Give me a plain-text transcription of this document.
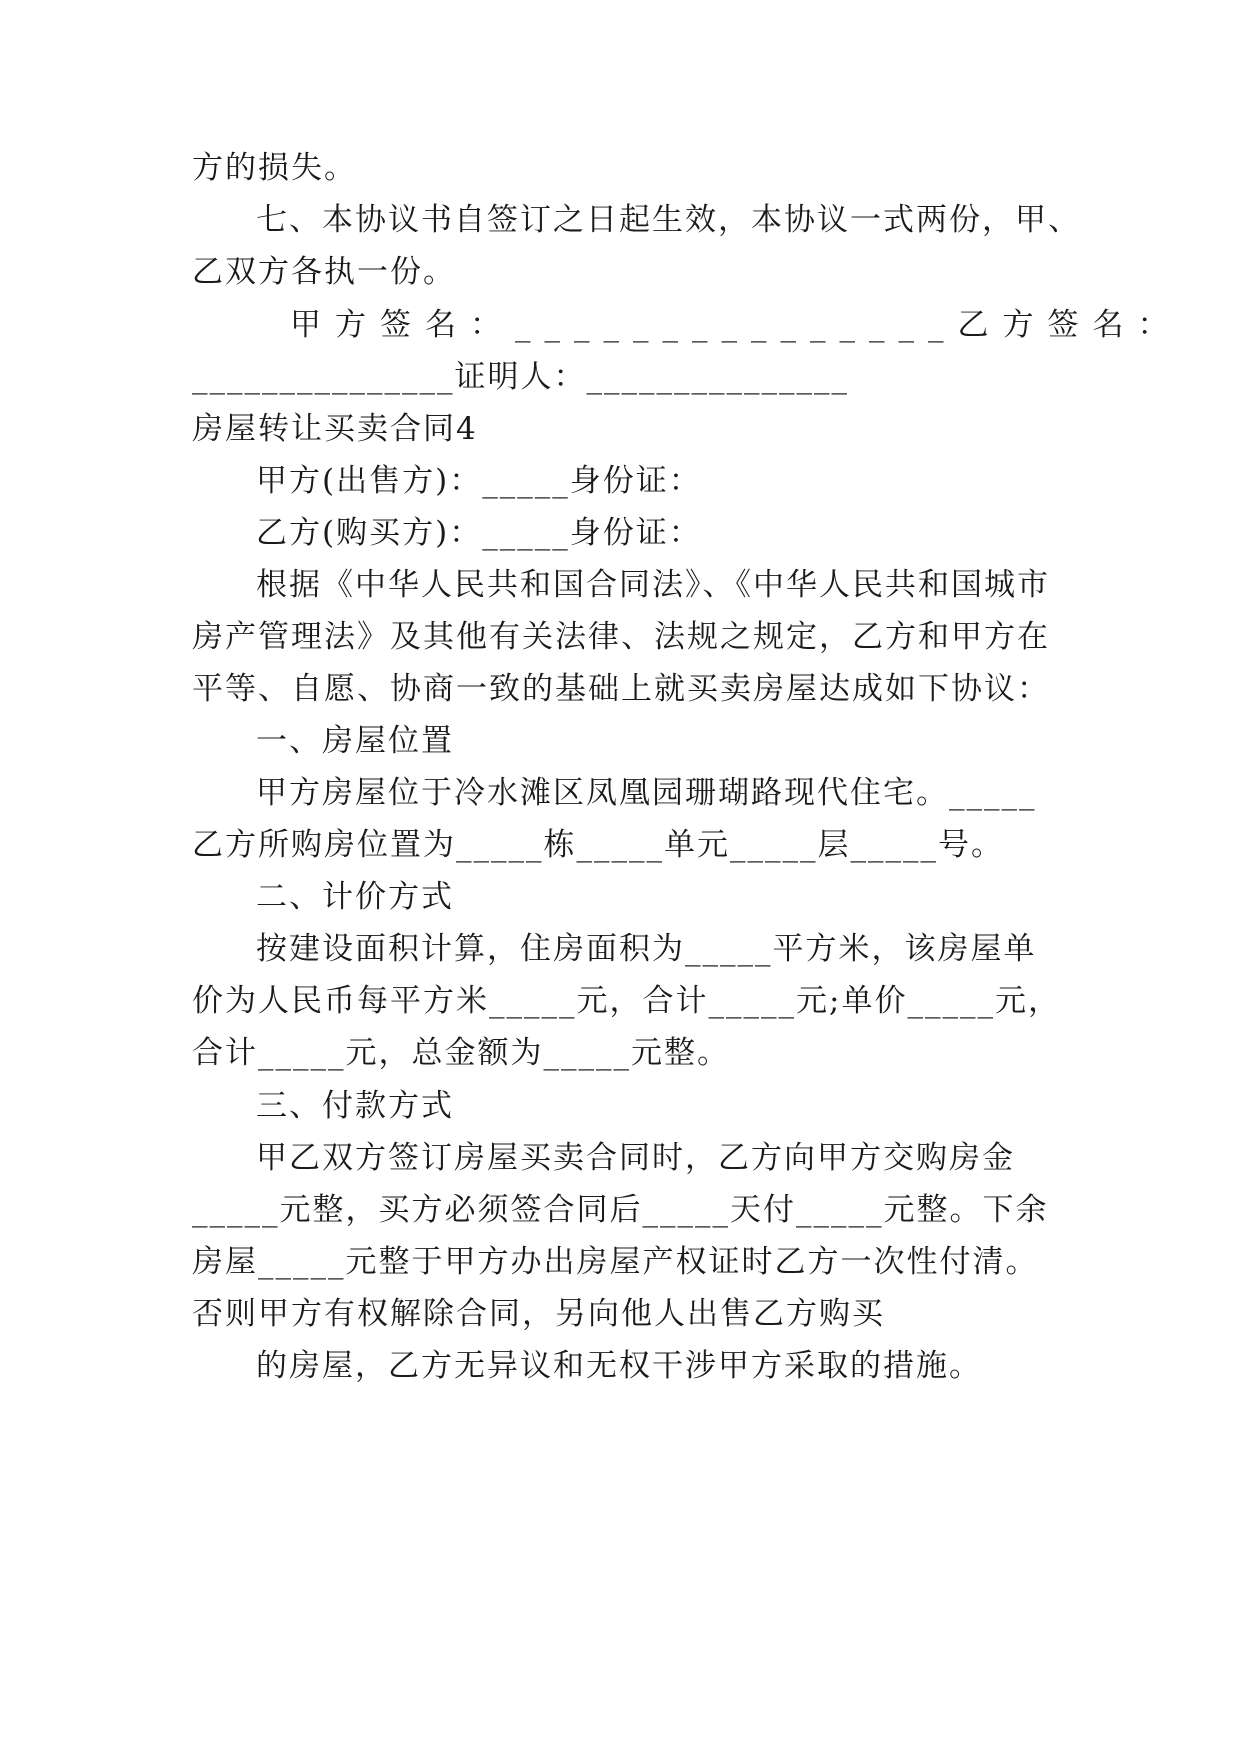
方的损失。
七、本协议书自签订之日起生效，本协议一式两份，甲、
乙双方各执一份。
甲方签名：_______________乙方签名：
_______________证明人：_______________
房屋转让买卖合同4
甲方(出售方)：_____身份证：
乙方(购买方)：_____身份证：
根据《中华人民共和国合同法》、《中华人民共和国城市
房产管理法》及其他有关法律、法规之规定，乙方和甲方在
平等、自愿、协商一致的基础上就买卖房屋达成如下协议：
一、房屋位置
甲方房屋位于冷水滩区凤凰园珊瑚路现代住宅。_____
乙方所购房位置为_____栋_____单元_____层_____号。
二、计价方式
按建设面积计算，住房面积为_____平方米，该房屋单
价为人民币每平方米_____元，合计_____元;单价_____元，
合计_____元，总金额为_____元整。
三、付款方式
甲乙双方签订房屋买卖合同时，乙方向甲方交购房金
_____元整，买方必须签合同后_____天付_____元整。下余
房屋_____元整于甲方办出房屋产权证时乙方一次性付清。
否则甲方有权解除合同，另向他人出售乙方购买
的房屋，乙方无异议和无权干涉甲方采取的措施。
